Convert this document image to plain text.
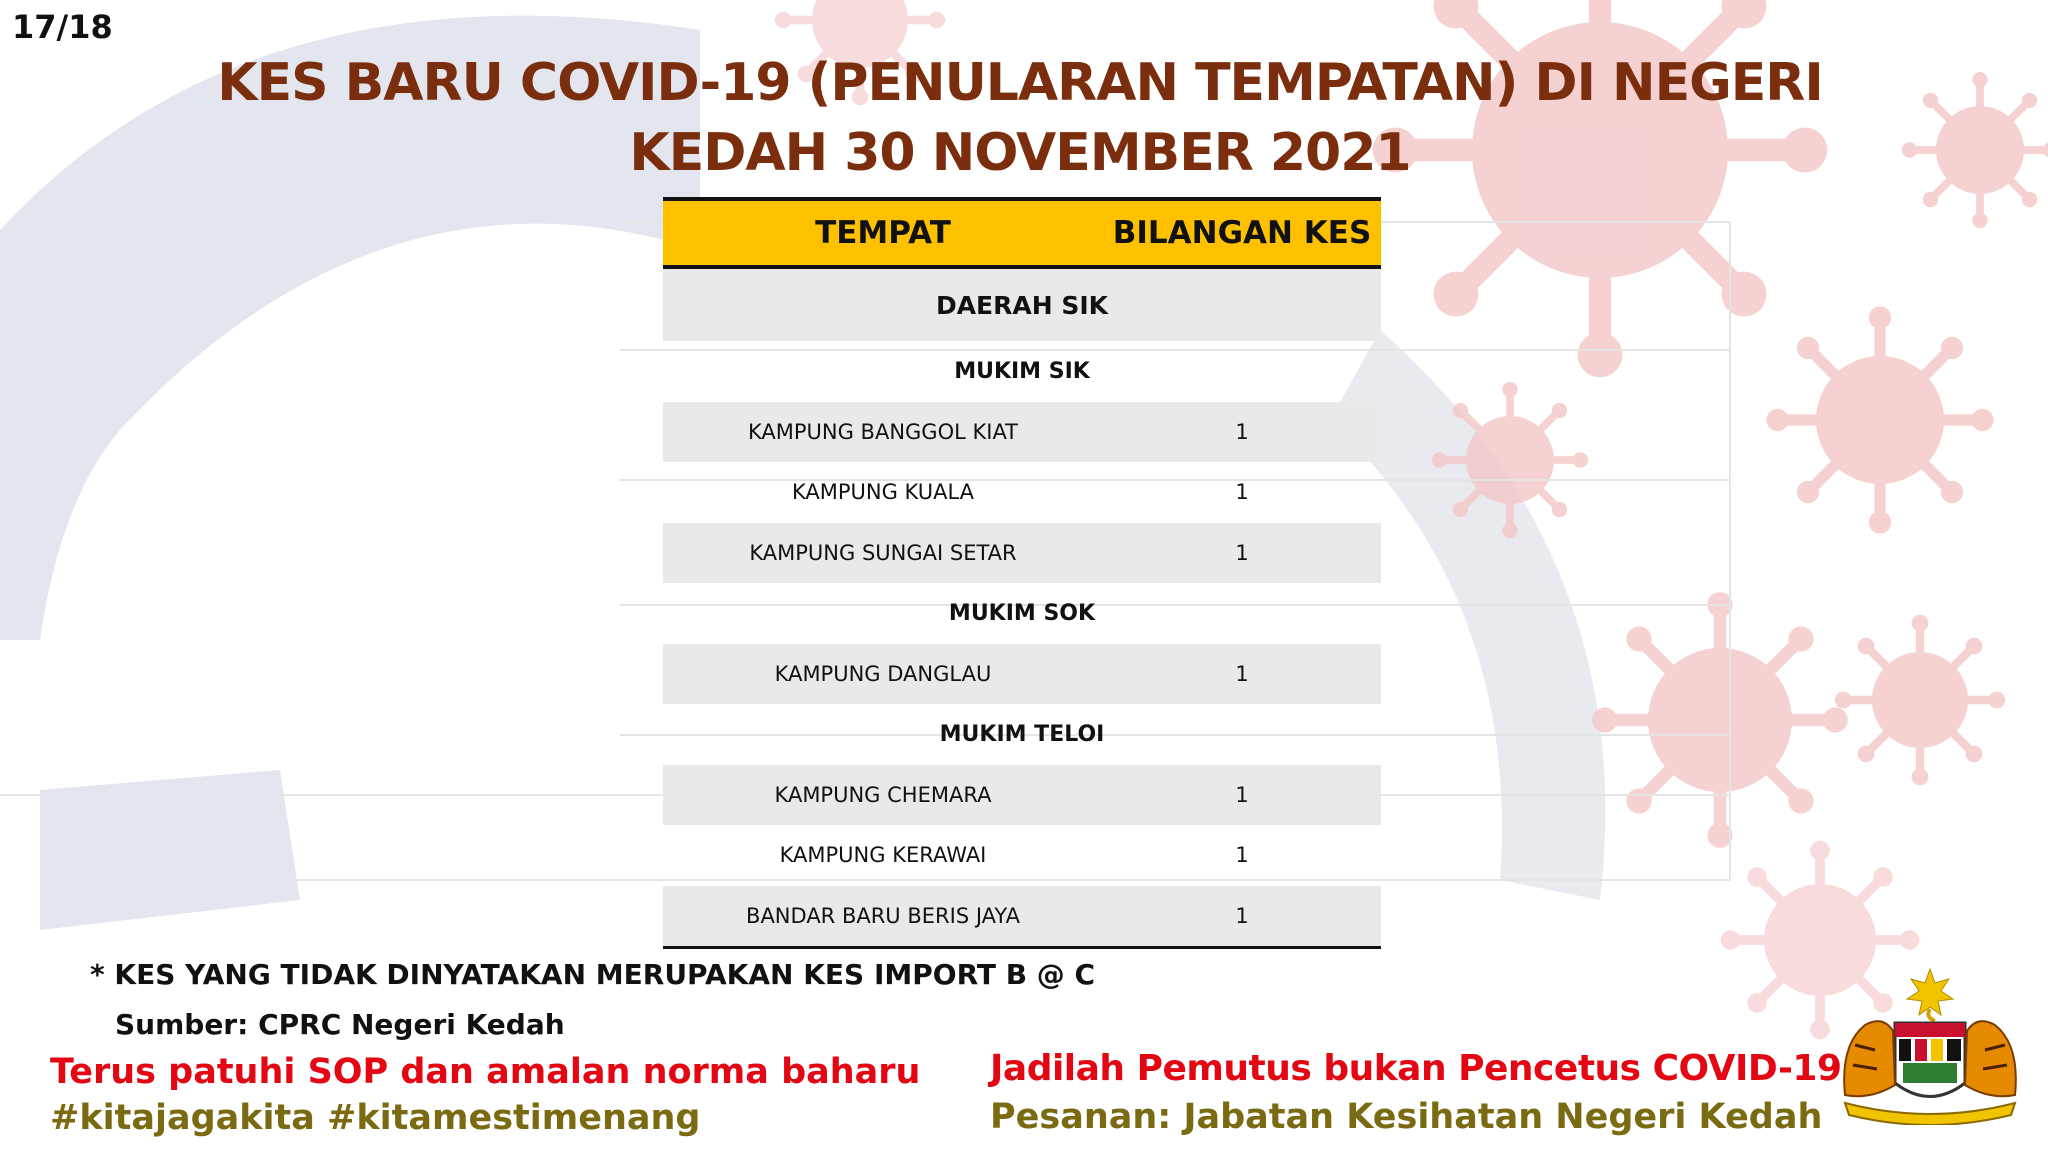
17/18
KES BARU COVID-19 (PENULARAN TEMPATAN) DI NEGERI
KEDAH 30 NOVEMBER 2021
TEMPAT	BILANGAN KES
DAERAH SIK
MUKIM SIK
KAMPUNG BANGGOL KIAT	1
KAMPUNG KUALA	1
KAMPUNG SUNGAI SETAR	1
MUKIM SOK
KAMPUNG DANGLAU	1
MUKIM TELOI
KAMPUNG CHEMARA	1
KAMPUNG KERAWAI	1
BANDAR BARU BERIS JAYA	1
* KES YANG TIDAK DINYATAKAN MERUPAKAN KES IMPORT B @ C
Sumber: CPRC Negeri Kedah
Terus patuhi SOP dan amalan norma baharu
#kitajagakita #kitamestimenang
Jadilah Pemutus bukan Pencetus COVID-19
Pesanan: Jabatan Kesihatan Negeri Kedah
